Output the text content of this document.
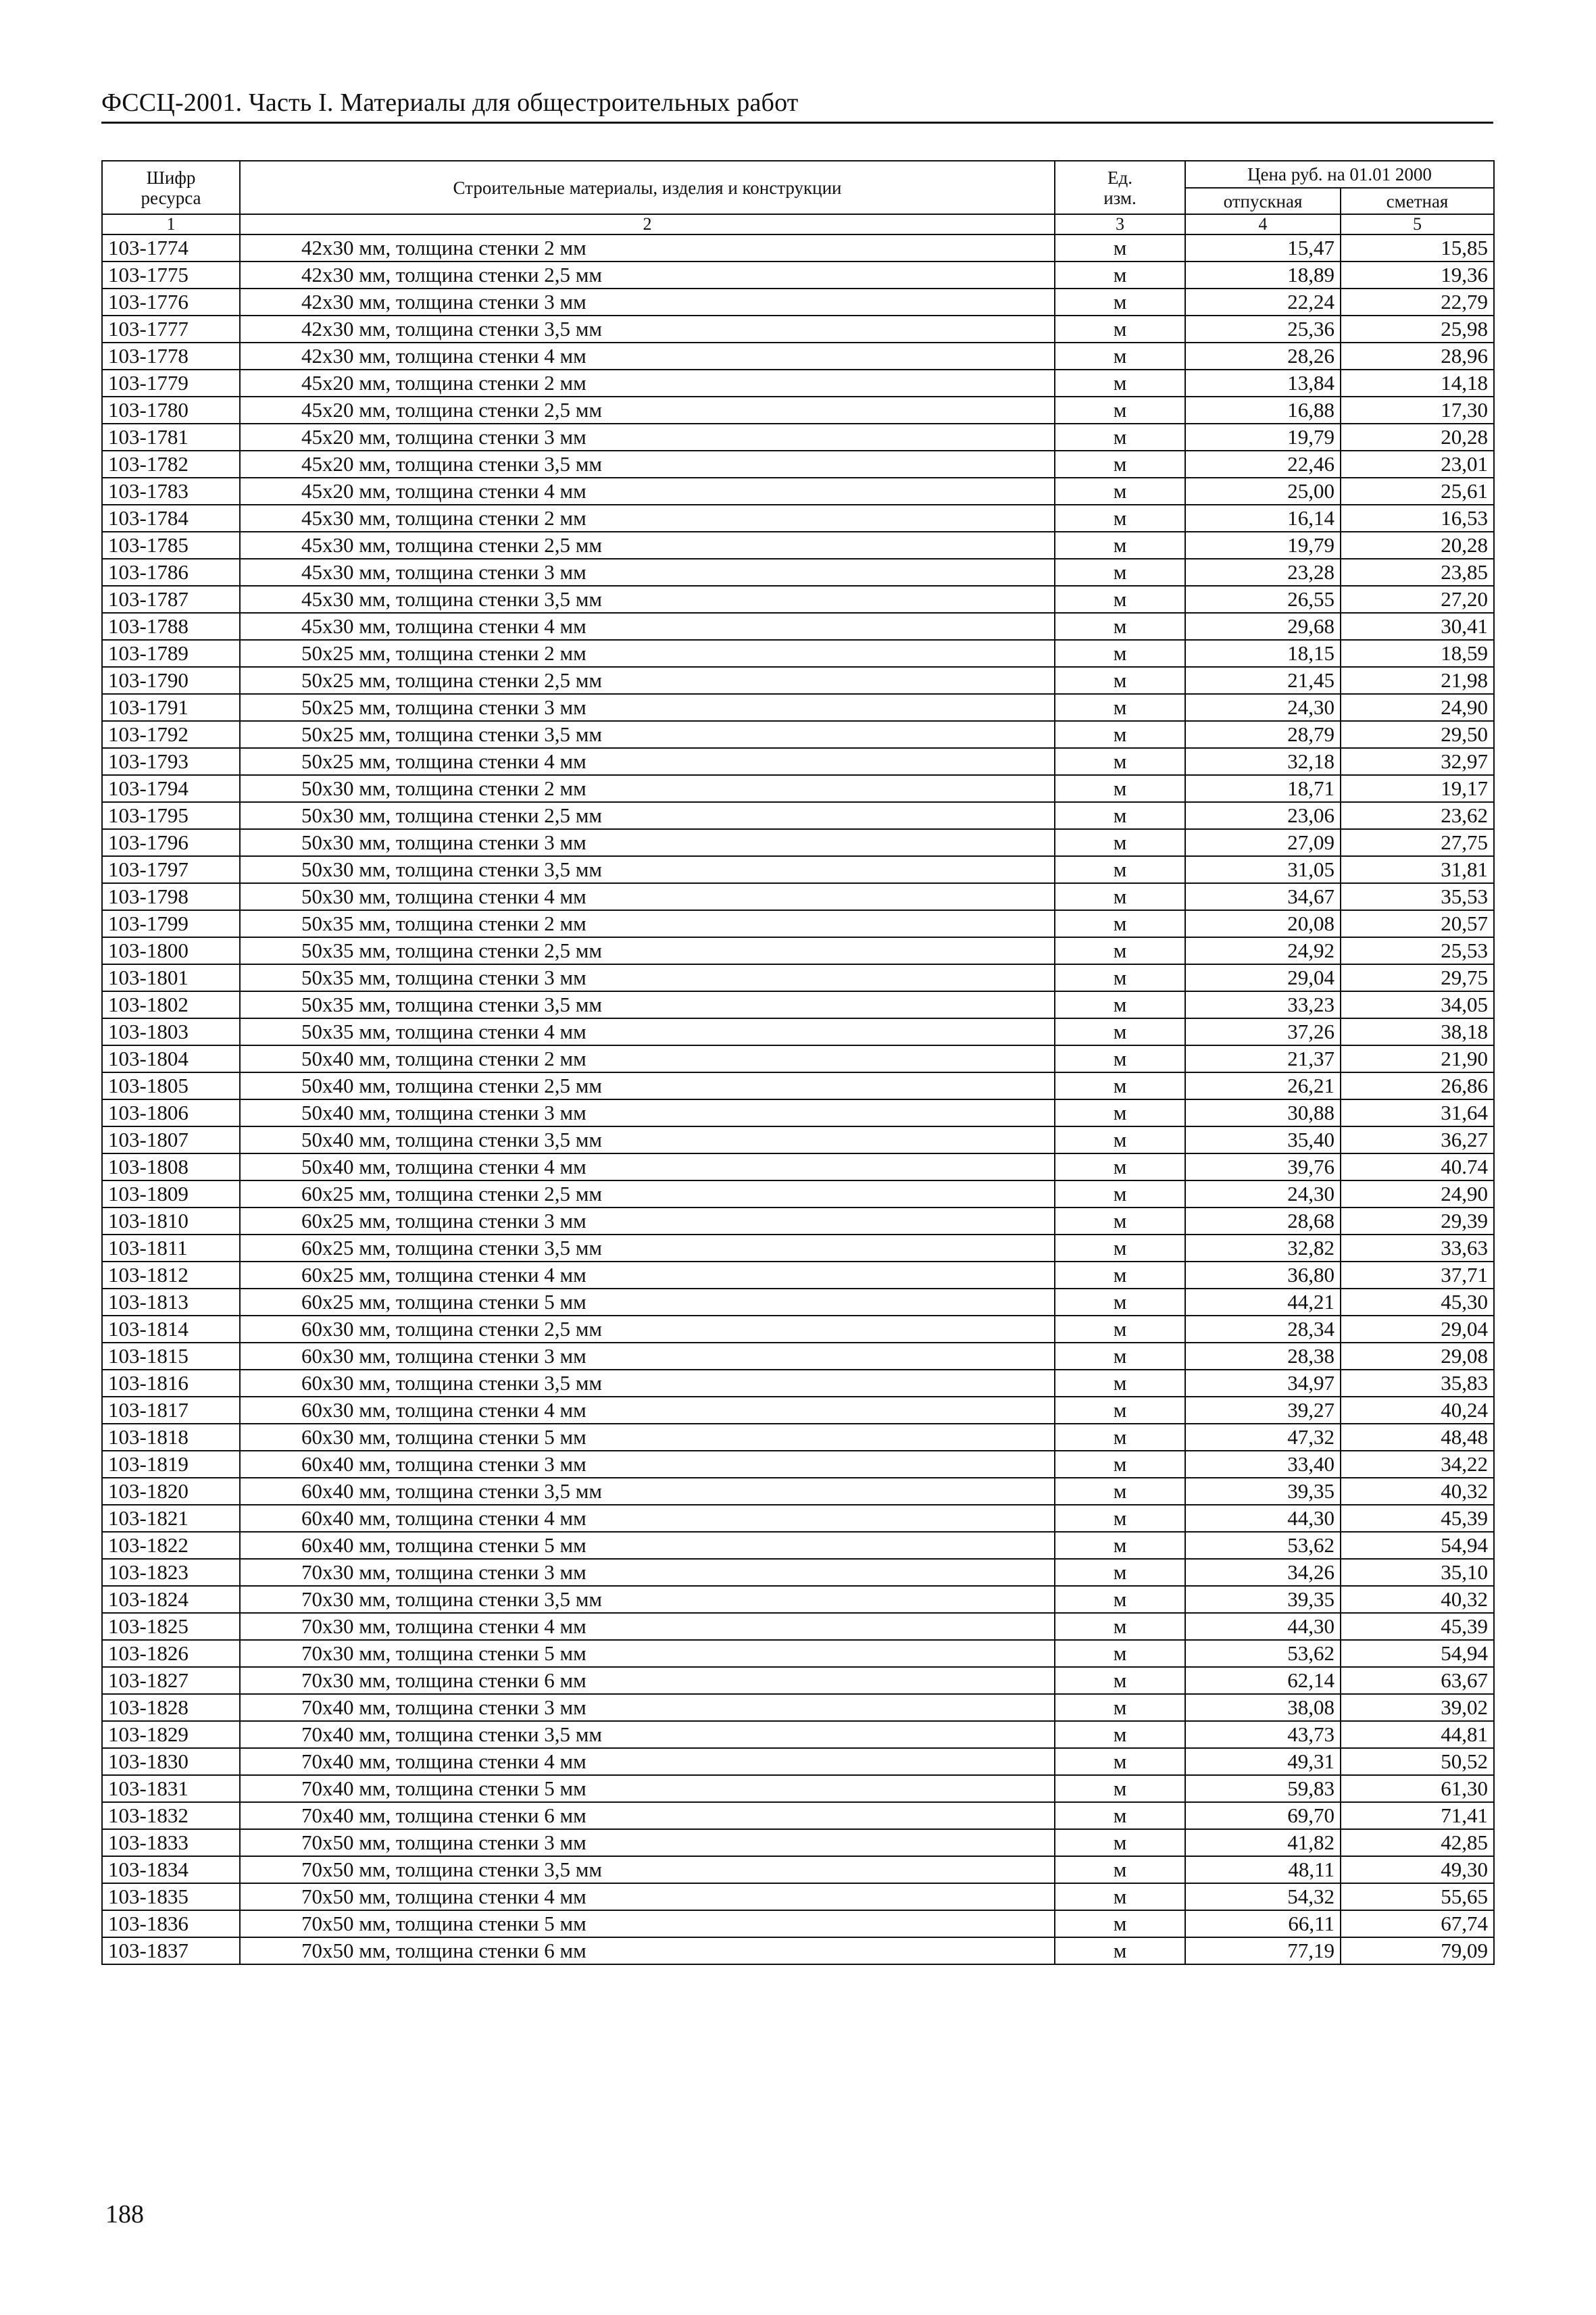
ФССЦ-2001. Часть I. Материалы для общестроительных работ
Шифр ресурса	Строительные материалы, изделия и конструкции	Ед. изм.	Цена руб. на 01.01 2000	
			отпускная	сметная
1	2	3	4	5
103-1774	42x30 мм, толщина стенки 2 мм	м	15,47	15,85
103-1775	42x30 мм, толщина стенки 2,5 мм	м	18,89	19,36
103-1776	42x30 мм, толщина стенки 3 мм	м	22,24	22,79
103-1777	42x30 мм, толщина стенки 3,5 мм	м	25,36	25,98
103-1778	42x30 мм, толщина стенки 4 мм	м	28,26	28,96
103-1779	45x20 мм, толщина стенки 2 мм	м	13,84	14,18
103-1780	45x20 мм, толщина стенки 2,5 мм	м	16,88	17,30
103-1781	45x20 мм, толщина стенки 3 мм	м	19,79	20,28
103-1782	45x20 мм, толщина стенки 3,5 мм	м	22,46	23,01
103-1783	45x20 мм, толщина стенки 4 мм	м	25,00	25,61
103-1784	45x30 мм, толщина стенки 2 мм	м	16,14	16,53
103-1785	45x30 мм, толщина стенки 2,5 мм	м	19,79	20,28
103-1786	45x30 мм, толщина стенки 3 мм	м	23,28	23,85
103-1787	45x30 мм, толщина стенки 3,5 мм	м	26,55	27,20
103-1788	45x30 мм, толщина стенки 4 мм	м	29,68	30,41
103-1789	50x25 мм, толщина стенки 2 мм	м	18,15	18,59
103-1790	50x25 мм, толщина стенки 2,5 мм	м	21,45	21,98
103-1791	50x25 мм, толщина стенки 3 мм	м	24,30	24,90
103-1792	50x25 мм, толщина стенки 3,5 мм	м	28,79	29,50
103-1793	50x25 мм, толщина стенки 4 мм	м	32,18	32,97
103-1794	50x30 мм, толщина стенки 2 мм	м	18,71	19,17
103-1795	50x30 мм, толщина стенки 2,5 мм	м	23,06	23,62
103-1796	50x30 мм, толщина стенки 3 мм	м	27,09	27,75
103-1797	50x30 мм, толщина стенки 3,5 мм	м	31,05	31,81
103-1798	50x30 мм, толщина стенки 4 мм	м	34,67	35,53
103-1799	50x35 мм, толщина стенки 2 мм	м	20,08	20,57
103-1800	50x35 мм, толщина стенки 2,5 мм	м	24,92	25,53
103-1801	50x35 мм, толщина стенки 3 мм	м	29,04	29,75
103-1802	50x35 мм, толщина стенки 3,5 мм	м	33,23	34,05
103-1803	50x35 мм, толщина стенки 4 мм	м	37,26	38,18
103-1804	50x40 мм, толщина стенки 2 мм	м	21,37	21,90
103-1805	50x40 мм, толщина стенки 2,5 мм	м	26,21	26,86
103-1806	50x40 мм, толщина стенки 3 мм	м	30,88	31,64
103-1807	50x40 мм, толщина стенки 3,5 мм	м	35,40	36,27
103-1808	50x40 мм, толщина стенки 4 мм	м	39,76	40.74
103-1809	60x25 мм, толщина стенки 2,5 мм	м	24,30	24,90
103-1810	60x25 мм, толщина стенки 3 мм	м	28,68	29,39
103-1811	60x25 мм, толщина стенки 3,5 мм	м	32,82	33,63
103-1812	60x25 мм, толщина стенки 4 мм	м	36,80	37,71
103-1813	60x25 мм, толщина стенки 5 мм	м	44,21	45,30
103-1814	60x30 мм, толщина стенки 2,5 мм	м	28,34	29,04
103-1815	60x30 мм, толщина стенки 3 мм	м	28,38	29,08
103-1816	60x30 мм, толщина стенки 3,5 мм	м	34,97	35,83
103-1817	60x30 мм, толщина стенки 4 мм	м	39,27	40,24
103-1818	60x30 мм, толщина стенки 5 мм	м	47,32	48,48
103-1819	60x40 мм, толщина стенки 3 мм	м	33,40	34,22
103-1820	60x40 мм, толщина стенки 3,5 мм	м	39,35	40,32
103-1821	60x40 мм, толщина стенки 4 мм	м	44,30	45,39
103-1822	60x40 мм, толщина стенки 5 мм	м	53,62	54,94
103-1823	70x30 мм, толщина стенки 3 мм	м	34,26	35,10
103-1824	70x30 мм, толщина стенки 3,5 мм	м	39,35	40,32
103-1825	70x30 мм, толщина стенки 4 мм	м	44,30	45,39
103-1826	70x30 мм, толщина стенки 5 мм	м	53,62	54,94
103-1827	70x30 мм, толщина стенки 6 мм	м	62,14	63,67
103-1828	70x40 мм, толщина стенки 3 мм	м	38,08	39,02
103-1829	70x40 мм, толщина стенки 3,5 мм	м	43,73	44,81
103-1830	70x40 мм, толщина стенки 4 мм	м	49,31	50,52
103-1831	70x40 мм, толщина стенки 5 мм	м	59,83	61,30
103-1832	70x40 мм, толщина стенки 6 мм	м	69,70	71,41
103-1833	70x50 мм, толщина стенки 3 мм	м	41,82	42,85
103-1834	70x50 мм, толщина стенки 3,5 мм	м	48,11	49,30
103-1835	70x50 мм, толщина стенки 4 мм	м	54,32	55,65
103-1836	70x50 мм, толщина стенки 5 мм	м	66,11	67,74
103-1837	70x50 мм, толщина стенки 6 мм	м	77,19	79,09
188
